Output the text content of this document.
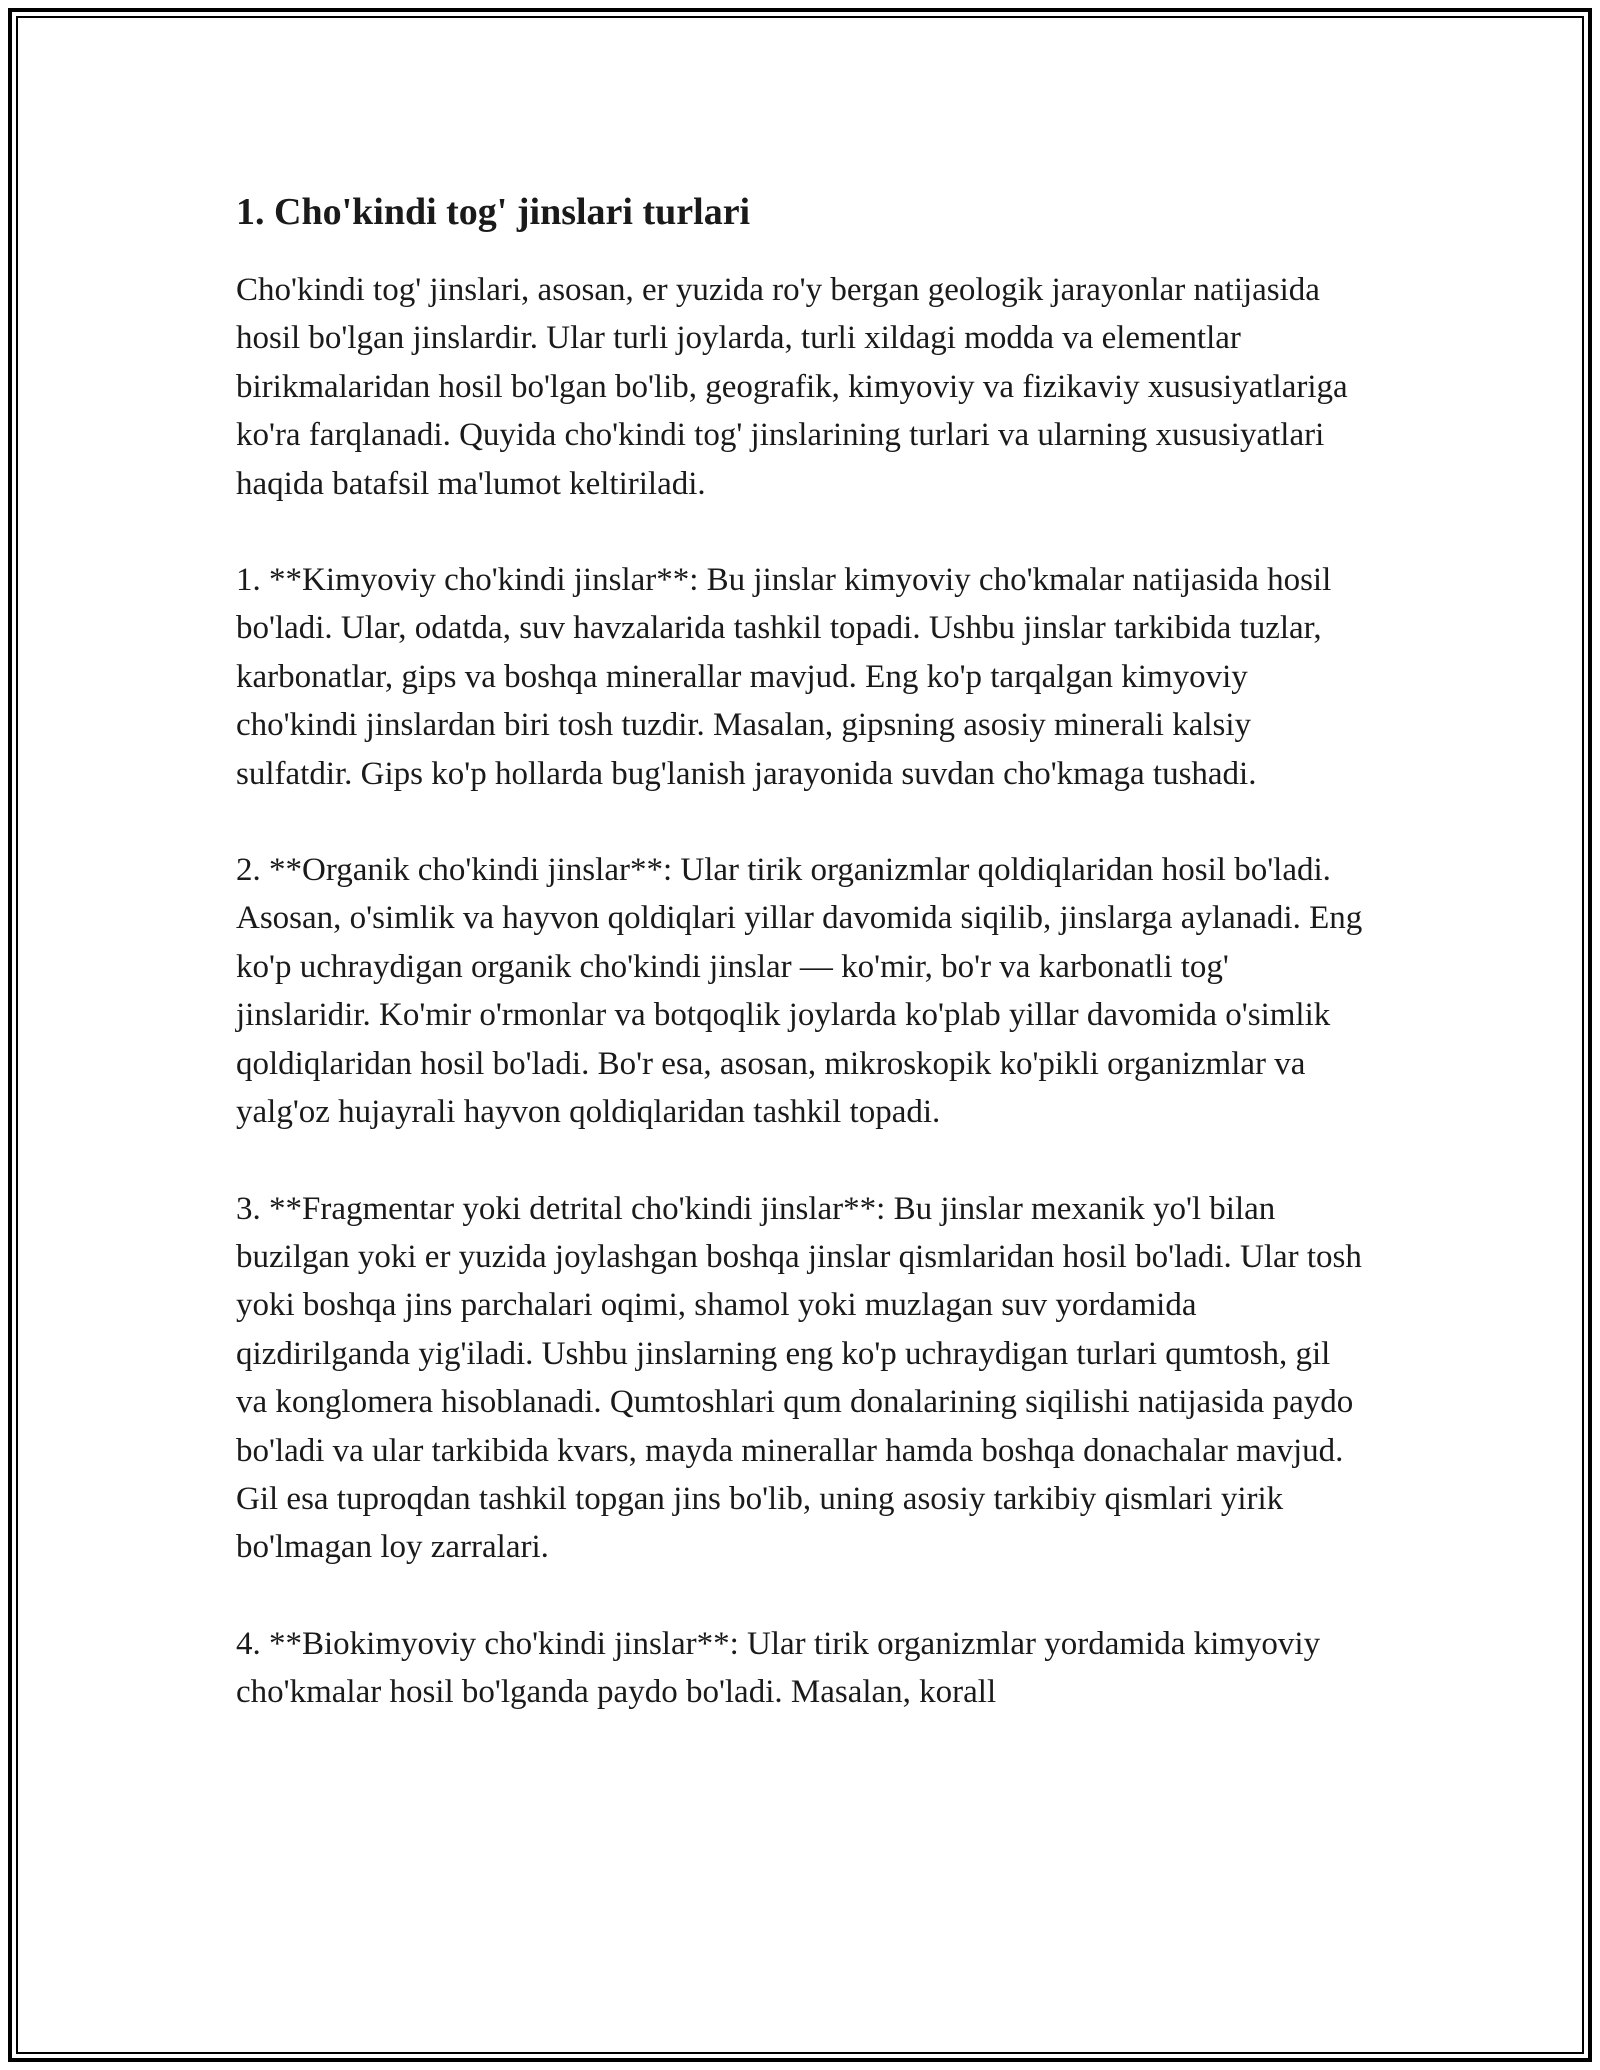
1. Cho'kindi tog' jinslari turlari

Cho'kindi tog' jinslari, asosan, er yuzida ro'y bergan geologik jarayonlar natijasida hosil bo'lgan jinslardir. Ular turli joylarda, turli xildagi modda va elementlar birikmalaridan hosil bo'lgan bo'lib, geografik, kimyoviy va fizikaviy xususiyatlariga ko'ra farqlanadi. Quyida cho'kindi tog' jinslarining turlari va ularning xususiyatlari haqida batafsil ma'lumot keltiriladi.

1. **Kimyoviy cho'kindi jinslar**: Bu jinslar kimyoviy cho'kmalar natijasida hosil bo'ladi. Ular, odatda, suv havzalarida tashkil topadi. Ushbu jinslar tarkibida tuzlar, karbonatlar, gips va boshqa minerallar mavjud. Eng ko'p tarqalgan kimyoviy cho'kindi jinslardan biri tosh tuzdir. Masalan, gipsning asosiy minerali kalsiy sulfatdir. Gips ko'p hollarda bug'lanish jarayonida suvdan cho'kmaga tushadi.

2. **Organik cho'kindi jinslar**: Ular tirik organizmlar qoldiqlaridan hosil bo'ladi. Asosan, o'simlik va hayvon qoldiqlari yillar davomida siqilib, jinslarga aylanadi. Eng ko'p uchraydigan organik cho'kindi jinslar — ko'mir, bo'r va karbonatli tog' jinslaridir. Ko'mir o'rmonlar va botqoqlik joylarda ko'plab yillar davomida o'simlik qoldiqlaridan hosil bo'ladi. Bo'r esa, asosan, mikroskopik ko'pikli organizmlar va yalg'oz hujayrali hayvon qoldiqlaridan tashkil topadi.

3. **Fragmentar yoki detrital cho'kindi jinslar**: Bu jinslar mexanik yo'l bilan buzilgan yoki er yuzida joylashgan boshqa jinslar qismlaridan hosil bo'ladi. Ular tosh yoki boshqa jins parchalari oqimi, shamol yoki muzlagan suv yordamida qizdirilganda yig'iladi. Ushbu jinslarning eng ko'p uchraydigan turlari qumtosh, gil va konglomera hisoblanadi. Qumtoshlari qum donalarining siqilishi natijasida paydo bo'ladi va ular tarkibida kvars, mayda minerallar hamda boshqa donachalar mavjud. Gil esa tuproqdan tashkil topgan jins bo'lib, uning asosiy tarkibiy qismlari yirik bo'lmagan loy zarralari.

4. **Biokimyoviy cho'kindi jinslar**: Ular tirik organizmlar yordamida kimyoviy cho'kmalar hosil bo'lganda paydo bo'ladi. Masalan, korall
